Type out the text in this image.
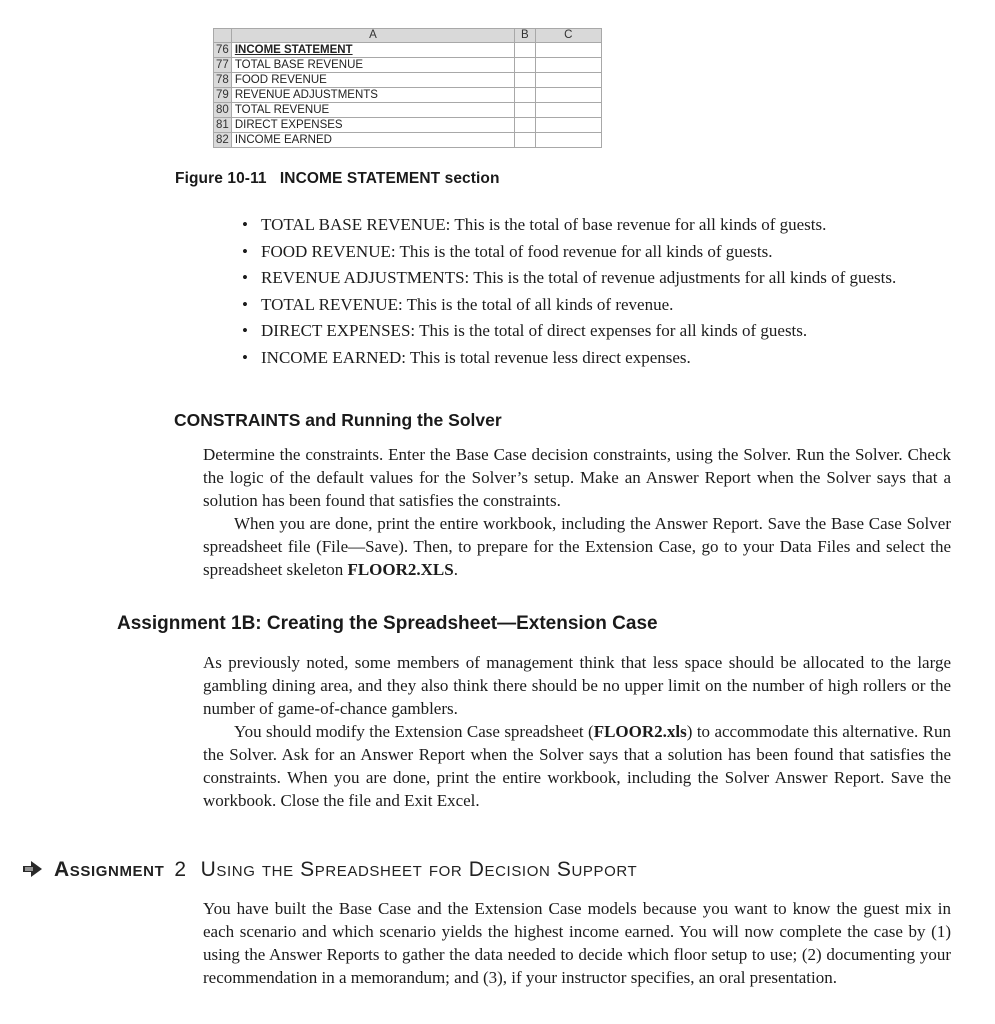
	A	B	C
76	INCOME STATEMENT		
77	TOTAL BASE REVENUE		
78	FOOD REVENUE		
79	REVENUE ADJUSTMENTS		
80	TOTAL REVENUE		
81	DIRECT EXPENSES		
82	INCOME EARNED		
Figure 10-11   INCOME STATEMENT section
• TOTAL BASE REVENUE: This is the total of base revenue for all kinds of guests.
• FOOD REVENUE: This is the total of food revenue for all kinds of guests.
• REVENUE ADJUSTMENTS: This is the total of revenue adjustments for all kinds of guests.
• TOTAL REVENUE: This is the total of all kinds of revenue.
• DIRECT EXPENSES: This is the total of direct expenses for all kinds of guests.
• INCOME EARNED: This is total revenue less direct expenses.
CONSTRAINTS and Running the Solver

Determine the constraints. Enter the Base Case decision constraints, using the Solver. Run the Solver. Check the logic of the default values for the Solver’s setup. Make an Answer Report when the Solver says that a solution has been found that satisfies the constraints.

When you are done, print the entire workbook, including the Answer Report. Save the Base Case Solver spreadsheet file (File—Save). Then, to prepare for the Extension Case, go to your Data Files and select the spreadsheet skeleton FLOOR2.XLS.

Assignment 1B: Creating the Spreadsheet—Extension Case

As previously noted, some members of management think that less space should be allocated to the large gambling dining area, and they also think there should be no upper limit on the number of high rollers or the number of game-of-chance gamblers.

You should modify the Extension Case spreadsheet (FLOOR2.xls) to accommodate this alternative. Run the Solver. Ask for an Answer Report when the Solver says that a solution has been found that satisfies the constraints. When you are done, print the entire workbook, including the Solver Answer Report. Save the workbook. Close the file and Exit Excel.

Assignment 2 Using the Spreadsheet for Decision Support

You have built the Base Case and the Extension Case models because you want to know the guest mix in each scenario and which scenario yields the highest income earned. You will now complete the case by (1) using the Answer Reports to gather the data needed to decide which floor setup to use; (2) documenting your recommendation in a memorandum; and (3), if your instructor specifies, an oral presentation.
